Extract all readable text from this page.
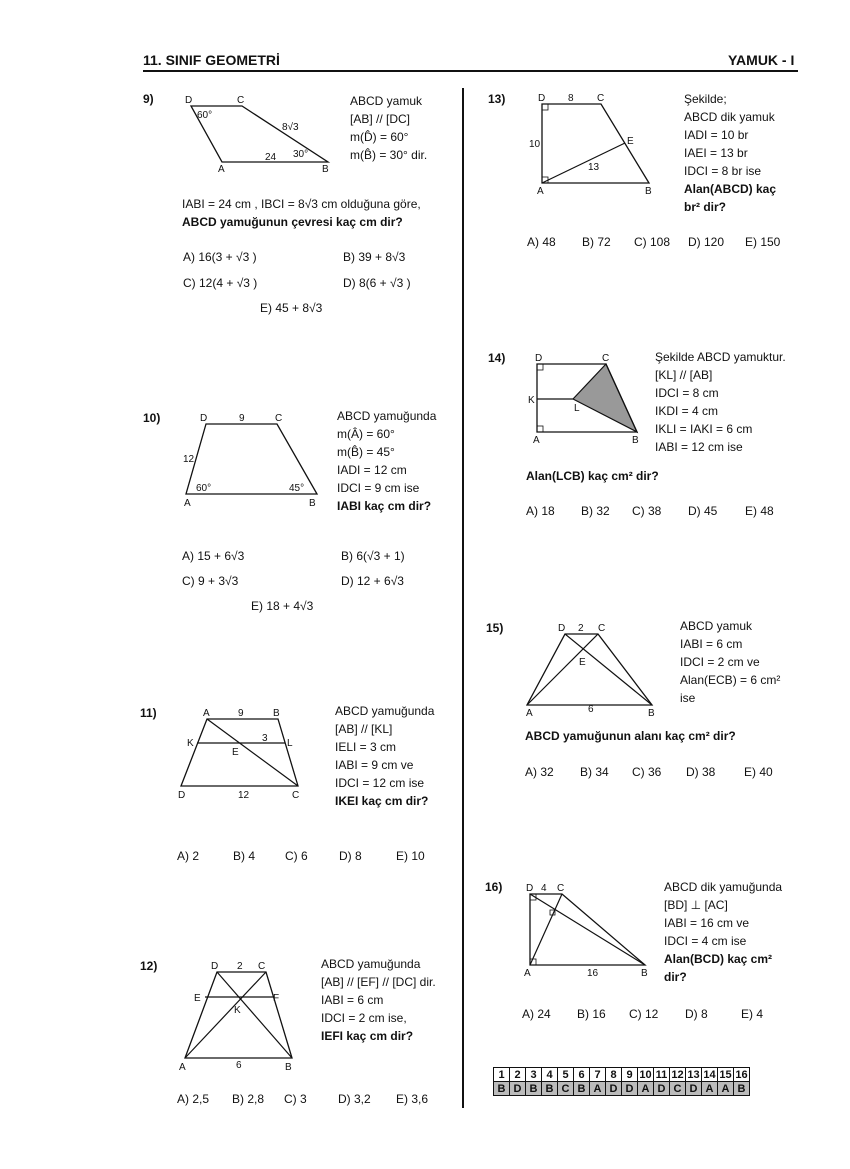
11. SINIF GEOMETRİ	YAMUK - I
9)	D	C
A	B
60°
30°
8√3
24
ABCD yamuk
[AB] // [DC]
m(D̂) = 60°
m(B̂) = 30° dir.
IABI = 24 cm , IBCI = 8√3 cm olduğuna göre,
ABCD yamuğunun çevresi kaç cm dir?
A) 16(3 + √3 )	B) 39 + 8√3
C) 12(4 + √3 )	D) 8(6 + √3 )
E) 45 + 8√3
10)	D	C
A	B
9
12
60°	45°
ABCD yamuğunda
m(Â) = 60°
m(B̂) = 45°
IADI = 12 cm
IDCI = 9 cm ise
IABI kaç cm dir?
A) 15 + 6√3	B) 6(√3 + 1)
C) 9 + 3√3	D) 12 + 6√3
E) 18 + 4√3
11)	A	B
K	L
E
D	C
9
3
12
ABCD yamuğunda
[AB] // [KL]
IELI = 3 cm
IABI = 9 cm ve
IDCI = 12 cm ise
IKEI kaç cm dir?
A) 2	B) 4 C) 6	D) 8	E) 10
12)	D	C
2
E	F
K
A	B
6
ABCD yamuğunda
[AB] // [EF] // [DC] dir.
IABI = 6 cm
IDCI = 2 cm ise,
IEFI kaç cm dir?
A) 2,5 B) 2,8 C) 3	D) 3,2 E) 3,6
13)	D	C
8
E
10
13
A	B
Şekilde;
ABCD dik yamuk
IADI = 10 br
IAEI = 13 br
IDCI = 8 br ise
Alan(ABCD) kaç
br² dir?
A) 48 B) 72 C) 108 D) 120 E) 150
14)	D	C
K
L
A	B
Şekilde ABCD yamuktur.
[KL] // [AB]
IDCI = 8 cm
IKDI = 4 cm
IKLI = IAKI = 6 cm
IABI = 12 cm ise
Alan(LCB) kaç cm² dir?
A) 18 B) 32 C) 38 D) 45 E) 48
15)	D	C
2
E
A	B
6
ABCD yamuk
IABI = 6 cm
IDCI = 2 cm ve
Alan(ECB) = 6 cm²
ise
ABCD yamuğunun alanı kaç cm² dir?
A) 32 B) 34 C) 36 D) 38 E) 40
16) D 4 C
A	16	B
ABCD dik yamuğunda
[BD] ⊥ [AC]
IABI = 16 cm ve
IDCI = 4 cm ise
Alan(BCD) kaç cm²
dir?
A) 24 B) 16 C) 12 D) 8	E) 4
1	2	3	4	5	6	7	8	9	10	11	12	13	14	15	16
B	D	B	B	C	B	A	D	D	A	D	C	D	A	A	B
